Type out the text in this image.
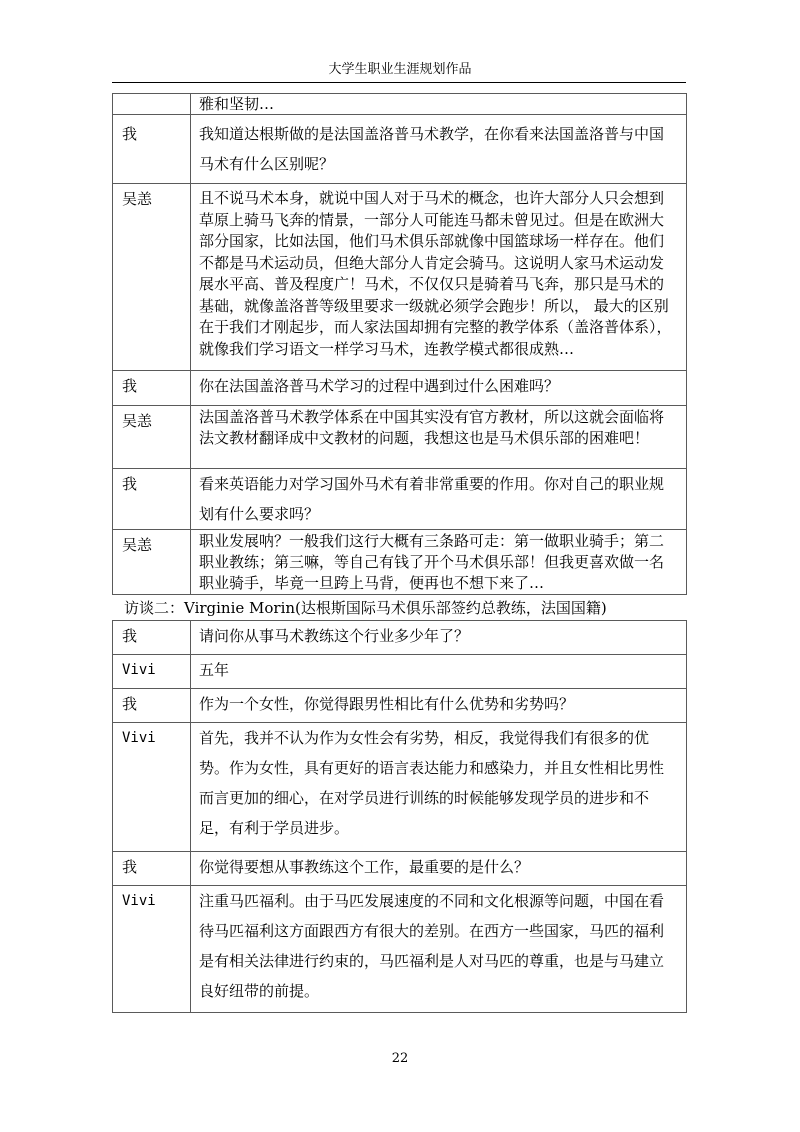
大学生职业生涯规划作品
	雅和坚韧…
我	我知道达根斯做的是法国盖洛普马术教学，在你看来法国盖洛普与中国马术有什么区别呢？
吴恙	且不说马术本身，就说中国人对于马术的概念，也许大部分人只会想到草原上骑马飞奔的情景，一部分人可能连马都未曾见过。但是在欧洲大部分国家，比如法国，他们马术俱乐部就像中国篮球场一样存在。他们不都是马术运动员，但绝大部分人肯定会骑马。这说明人家马术运动发展水平高、普及程度广！马术，不仅仅只是骑着马飞奔，那只是马术的基础，就像盖洛普等级里要求一级就必须学会跑步！所以， 最大的区别在于我们才刚起步，而人家法国却拥有完整的教学体系（盖洛普体系），就像我们学习语文一样学习马术，连教学模式都很成熟…
我	你在法国盖洛普马术学习的过程中遇到过什么困难吗？
吴恙	法国盖洛普马术教学体系在中国其实没有官方教材，所以这就会面临将法文教材翻译成中文教材的问题，我想这也是马术俱乐部的困难吧！
我	看来英语能力对学习国外马术有着非常重要的作用。你对自己的职业规划有什么要求吗？
吴恙	职业发展呐？一般我们这行大概有三条路可走：第一做职业骑手；第二职业教练；第三嘛，等自己有钱了开个马术俱乐部！但我更喜欢做一名职业骑手，毕竟一旦跨上马背，便再也不想下来了…
访谈二：Virginie Morin(达根斯国际马术俱乐部签约总教练，法国国籍)
我	请问你从事马术教练这个行业多少年了？
Vivi	五年
我	作为一个女性，你觉得跟男性相比有什么优势和劣势吗？
Vivi	首先，我并不认为作为女性会有劣势，相反，我觉得我们有很多的优势。作为女性，具有更好的语言表达能力和感染力，并且女性相比男性而言更加的细心，在对学员进行训练的时候能够发现学员的进步和不足，有利于学员进步。
我	你觉得要想从事教练这个工作，最重要的是什么？
Vivi	注重马匹福利。由于马匹发展速度的不同和文化根源等问题，中国在看待马匹福利这方面跟西方有很大的差别。在西方一些国家，马匹的福利是有相关法律进行约束的，马匹福利是人对马匹的尊重，也是与马建立良好纽带的前提。
22
